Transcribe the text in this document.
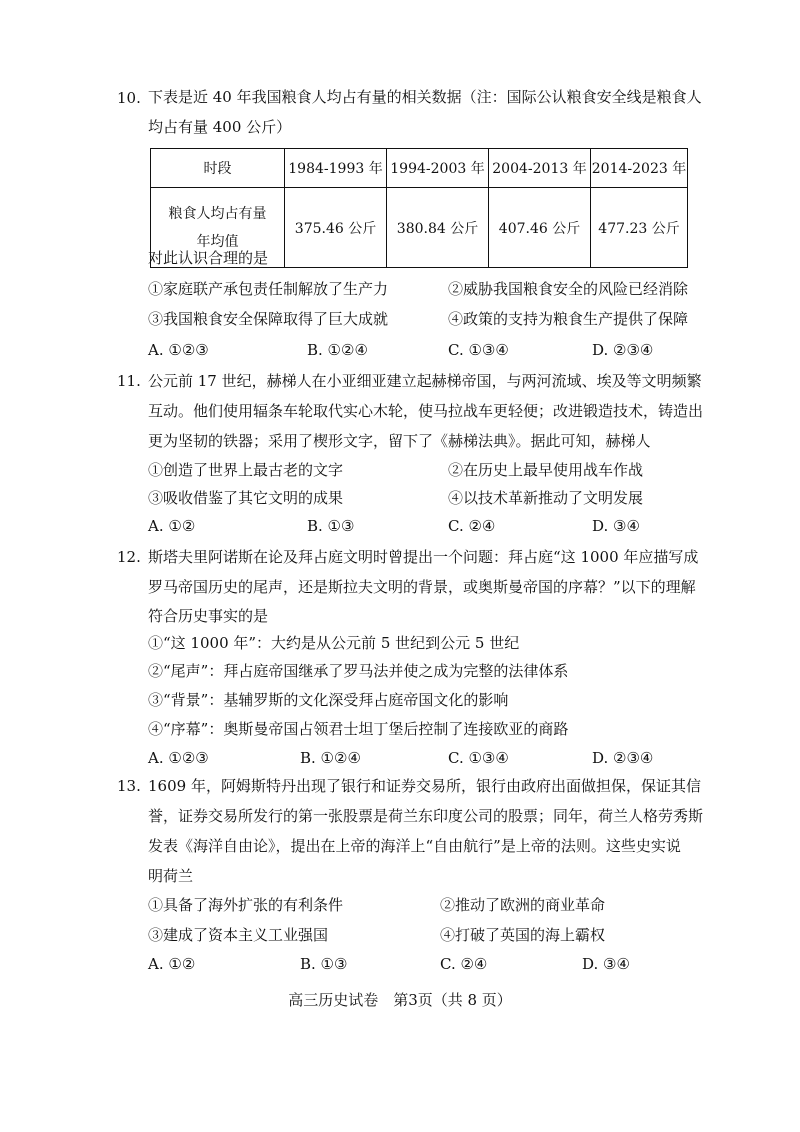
10. 下表是近 40 年我国粮食人均占有量的相关数据（注：国际公认粮食安全线是粮食人
均占有量 400 公斤）
时段	1984-1993 年	1994-2003 年	2004-2013 年	2014-2023 年

粮食人均占有量
年均值	375.46 公斤	380.84 公斤	407.46 公斤	477.23 公斤
对此认识合理的是
①家庭联产承包责任制解放了生产力	②威胁我国粮食安全的风险已经消除
③我国粮食安全保障取得了巨大成就	④政策的支持为粮食生产提供了保障
A. ①②③	B. ①②④	C. ①③④	D. ②③④
11. 公元前 17 世纪，赫梯人在小亚细亚建立起赫梯帝国，与两河流域、埃及等文明频繁
互动。他们使用辐条车轮取代实心木轮，使马拉战车更轻便；改进锻造技术，铸造出
更为坚韧的铁器；采用了楔形文字，留下了《赫梯法典》。据此可知，赫梯人
①创造了世界上最古老的文字	②在历史上最早使用战车作战
③吸收借鉴了其它文明的成果	④以技术革新推动了文明发展
A. ①②	B. ①③	C. ②④	D. ③④
12. 斯塔夫里阿诺斯在论及拜占庭文明时曾提出一个问题：拜占庭“这 1000 年应描写成
罗马帝国历史的尾声，还是斯拉夫文明的背景，或奥斯曼帝国的序幕？”以下的理解
符合历史事实的是
①“这 1000 年”：大约是从公元前 5 世纪到公元 5 世纪
②“尾声”：拜占庭帝国继承了罗马法并使之成为完整的法律体系
③“背景”：基辅罗斯的文化深受拜占庭帝国文化的影响
④“序幕”：奥斯曼帝国占领君士坦丁堡后控制了连接欧亚的商路
A. ①②③	B. ①②④	C. ①③④	D. ②③④
13. 1609 年，阿姆斯特丹出现了银行和证券交易所，银行由政府出面做担保，保证其信
誉，证券交易所发行的第一张股票是荷兰东印度公司的股票；同年，荷兰人格劳秀斯
发表《海洋自由论》，提出在上帝的海洋上“自由航行”是上帝的法则。这些史实说
明荷兰
①具备了海外扩张的有利条件	②推动了欧洲的商业革命
③建成了资本主义工业强国	④打破了英国的海上霸权
A. ①②	B. ①③	C. ②④	D. ③④
高三历史试卷　第3页（共 8 页）
